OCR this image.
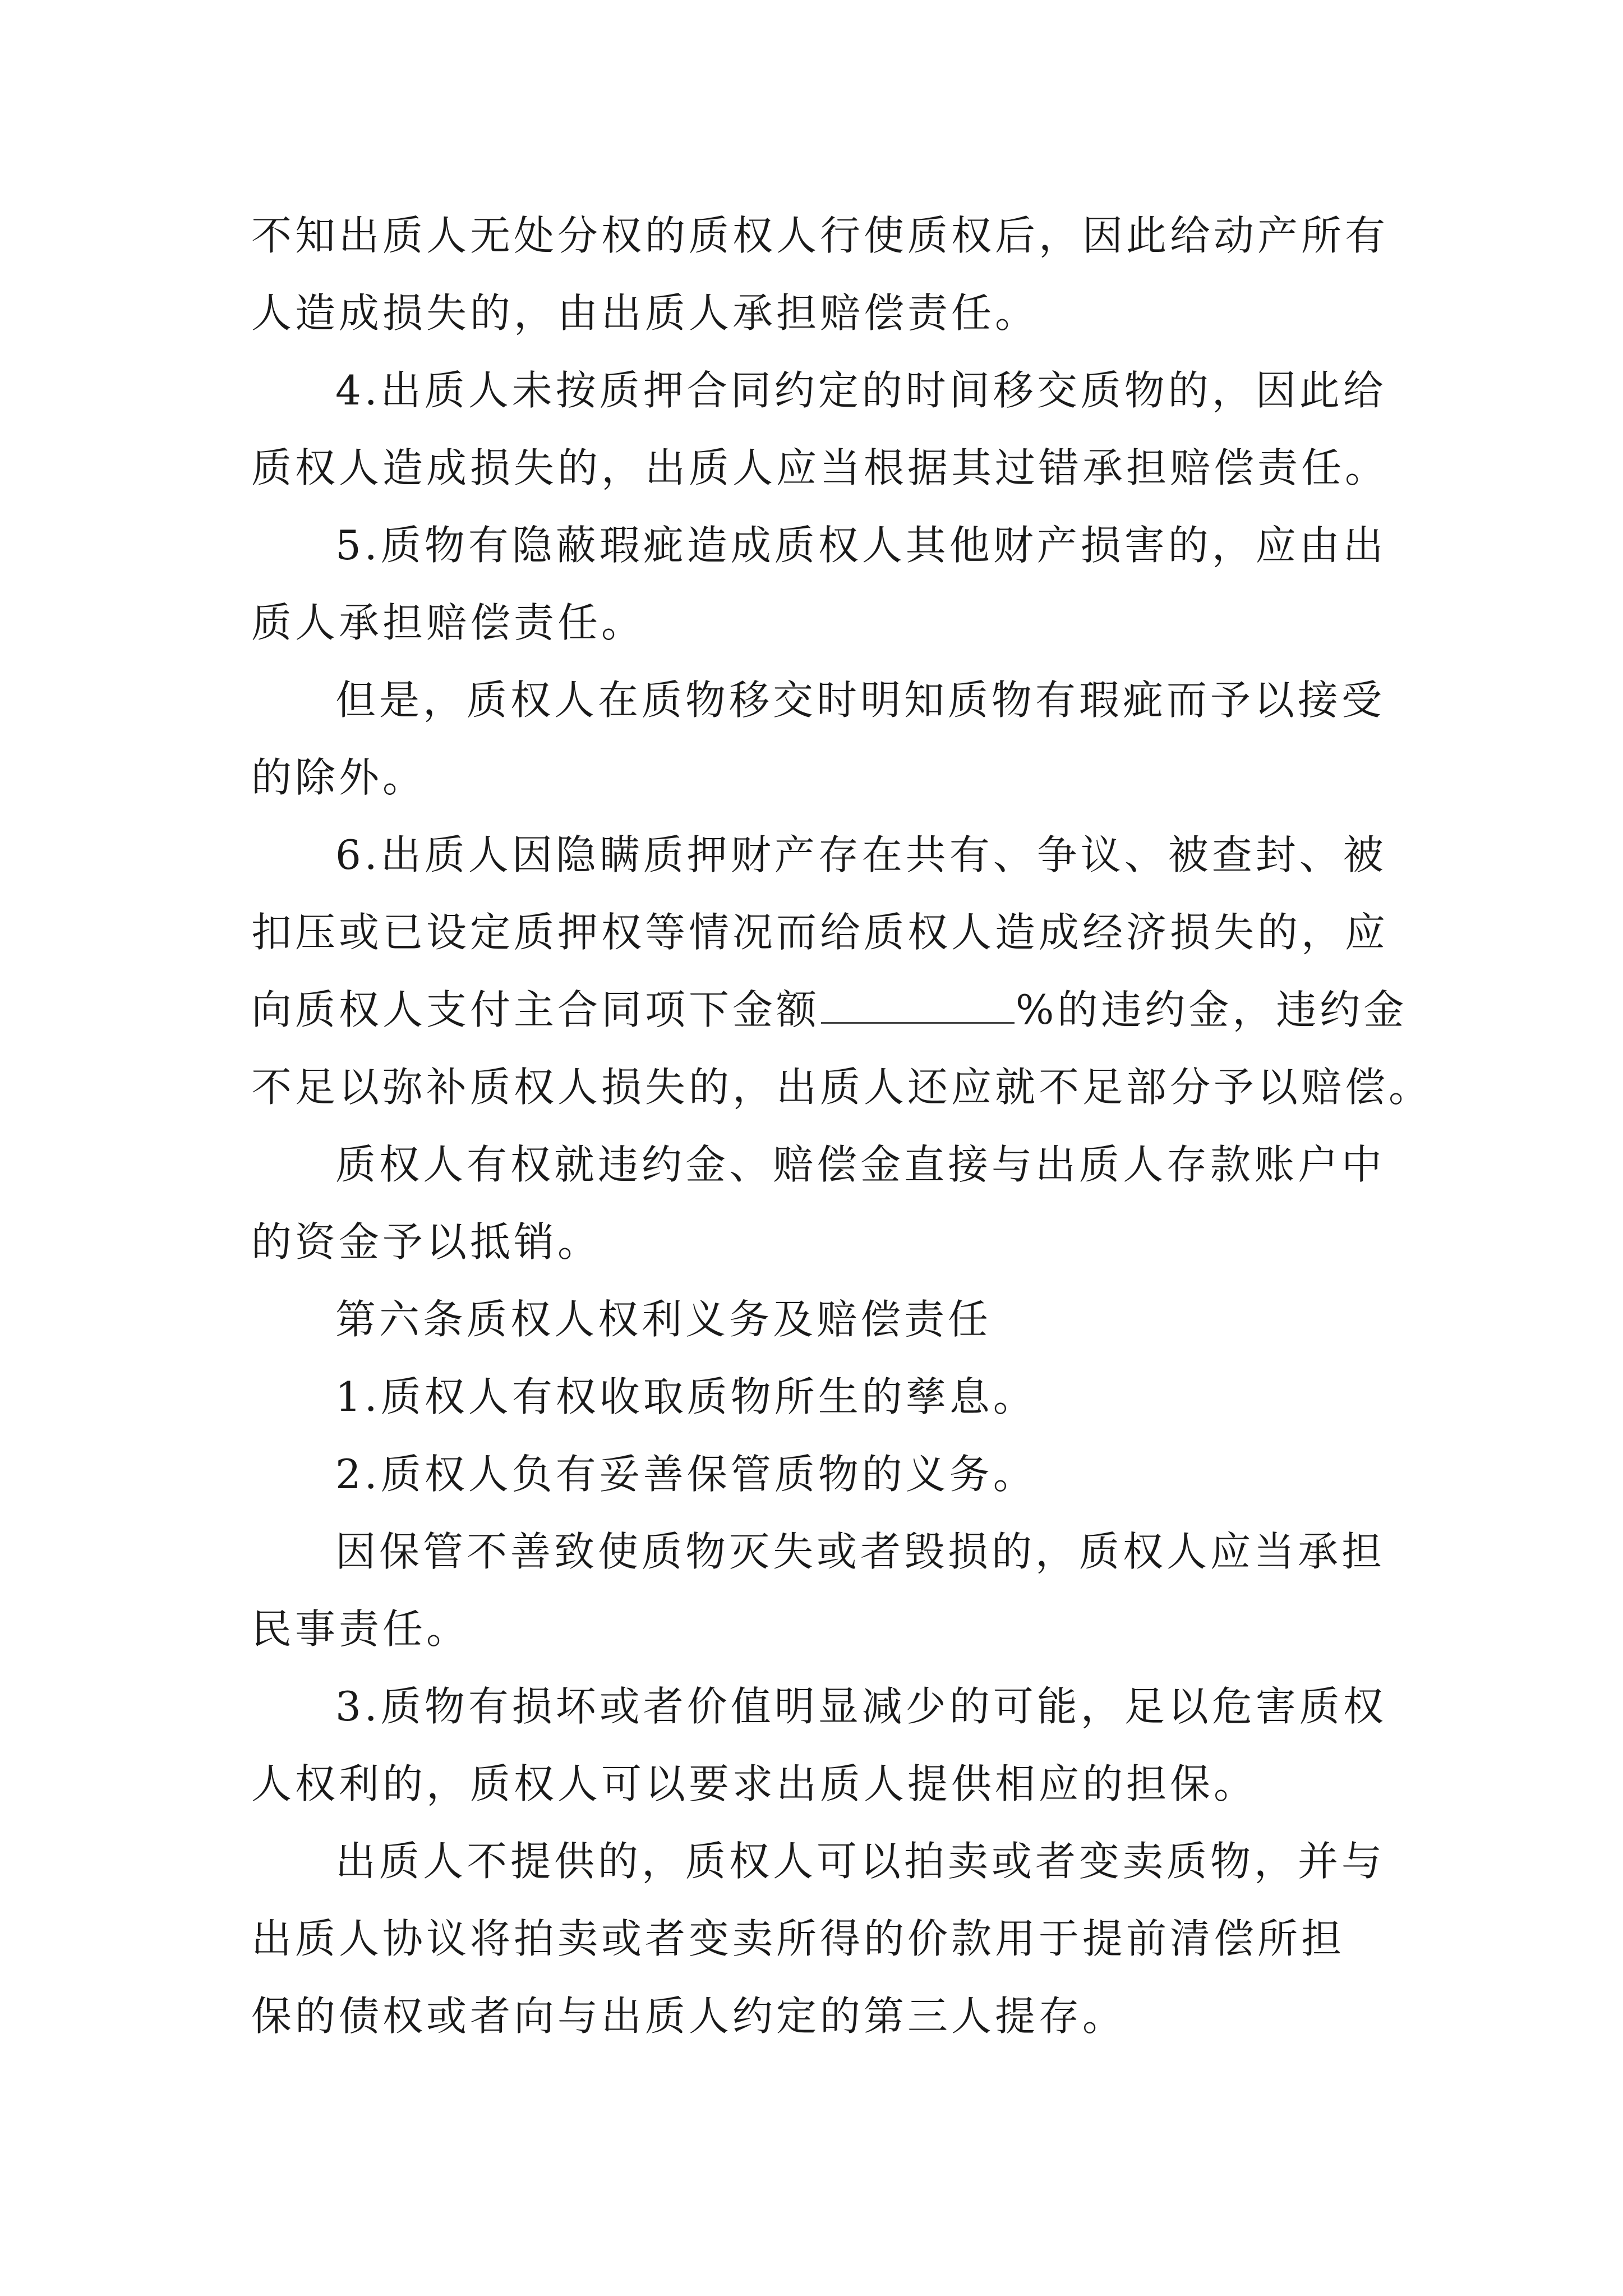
不知出质人无处分权的质权人行使质权后，因此给动产所有
人造成损失的，由出质人承担赔偿责任。
4.出质人未按质押合同约定的时间移交质物的，因此给
质权人造成损失的，出质人应当根据其过错承担赔偿责任。
5.质物有隐蔽瑕疵造成质权人其他财产损害的，应由出
质人承担赔偿责任。
但是，质权人在质物移交时明知质物有瑕疵而予以接受
的除外。
6.出质人因隐瞒质押财产存在共有、争议、被查封、被
扣压或已设定质押权等情况而给质权人造成经济损失的，应
向质权人支付主合同项下金额	%的违约金，违约金
不足以弥补质权人损失的，出质人还应就不足部分予以赔偿。
质权人有权就违约金、赔偿金直接与出质人存款账户中
的资金予以抵销。
第六条质权人权利义务及赔偿责任
1.质权人有权收取质物所生的孳息。
2.质权人负有妥善保管质物的义务。
因保管不善致使质物灭失或者毁损的，质权人应当承担
民事责任。
3.质物有损坏或者价值明显减少的可能，足以危害质权
人权利的，质权人可以要求出质人提供相应的担保。
出质人不提供的，质权人可以拍卖或者变卖质物，并与
出质人协议将拍卖或者变卖所得的价款用于提前清偿所担
保的债权或者向与出质人约定的第三人提存。
